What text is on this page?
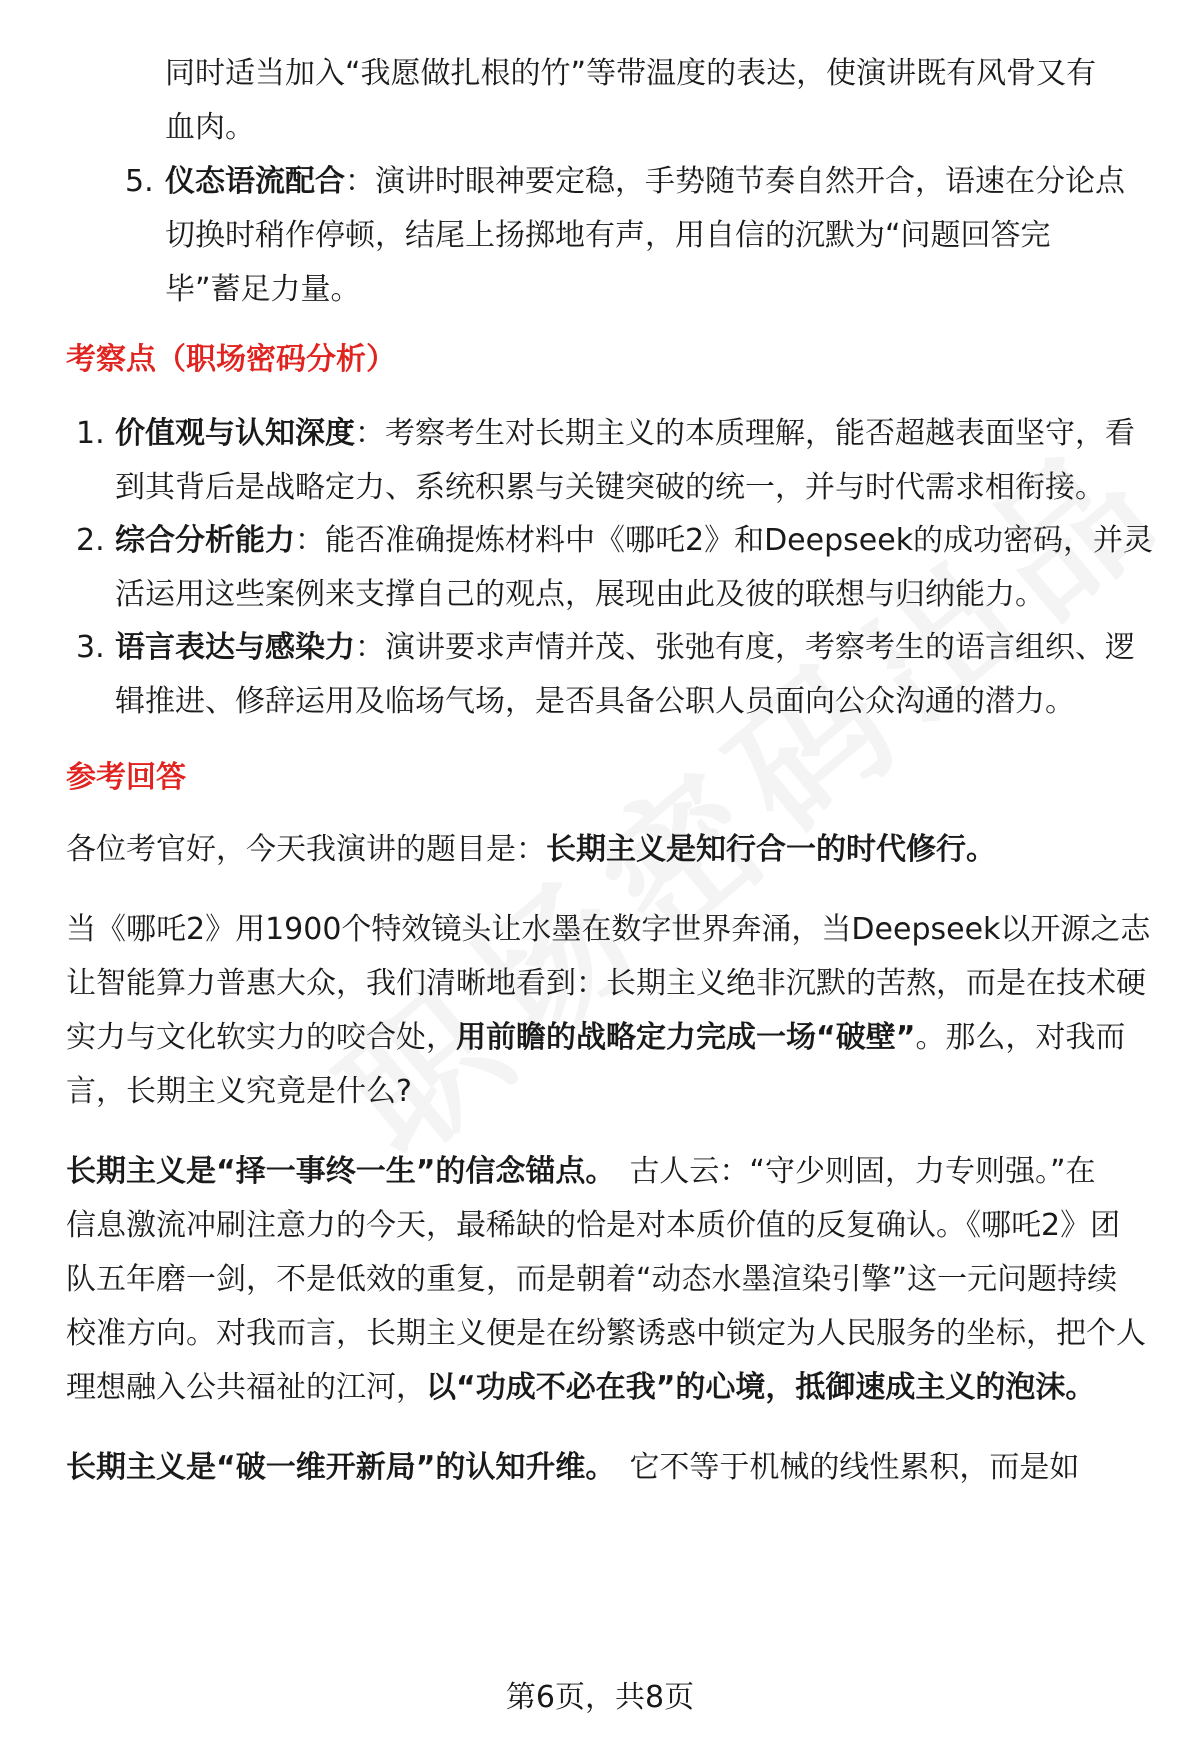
同时适当加入“我愿做扎根的竹”等带温度的表达，使演讲既有风骨又有
血肉。
5. 仪态语流配合：演讲时眼神要定稳，手势随节奏自然开合，语速在分论点
切换时稍作停顿，结尾上扬掷地有声，用自信的沉默为“问题回答完
毕”蓄足力量。
考察点（职场密码分析）
1. 价值观与认知深度：考察考生对长期主义的本质理解，能否超越表面坚守，看
到其背后是战略定力、系统积累与关键突破的统一，并与时代需求相衔接。
2. 综合分析能力：能否准确提炼材料中《哪吒2》和Deepseek的成功密码，并灵
活运用这些案例来支撑自己的观点，展现由此及彼的联想与归纳能力。
3. 语言表达与感染力：演讲要求声情并茂、张弛有度，考察考生的语言组织、逻
辑推进、修辞运用及临场气场，是否具备公职人员面向公众沟通的潜力。
参考回答
各位考官好，今天我演讲的题目是：长期主义是知行合一的时代修行。
当《哪吒2》用1900个特效镜头让水墨在数字世界奔涌，当Deepseek以开源之志
让智能算力普惠大众，我们清晰地看到：长期主义绝非沉默的苦熬，而是在技术硬
实力与文化软实力的咬合处，用前瞻的战略定力完成一场“破壁”。那么，对我而
言，长期主义究竟是什么?
长期主义是“择一事终一生”的信念锚点。 古人云：“守少则固，力专则强。”在
信息激流冲刷注意力的今天，最稀缺的恰是对本质价值的反复确认。《哪吒2》团
队五年磨一剑，不是低效的重复，而是朝着“动态水墨渲染引擎”这一元问题持续
校准方向。对我而言，长期主义便是在纷繁诱惑中锁定为人民服务的坐标，把个人
理想融入公共福祉的江河，以“功成不必在我”的心境，抵御速成主义的泡沫。
长期主义是“破一维开新局”的认知升维。 它不等于机械的线性累积，而是如
第6页，共8页
